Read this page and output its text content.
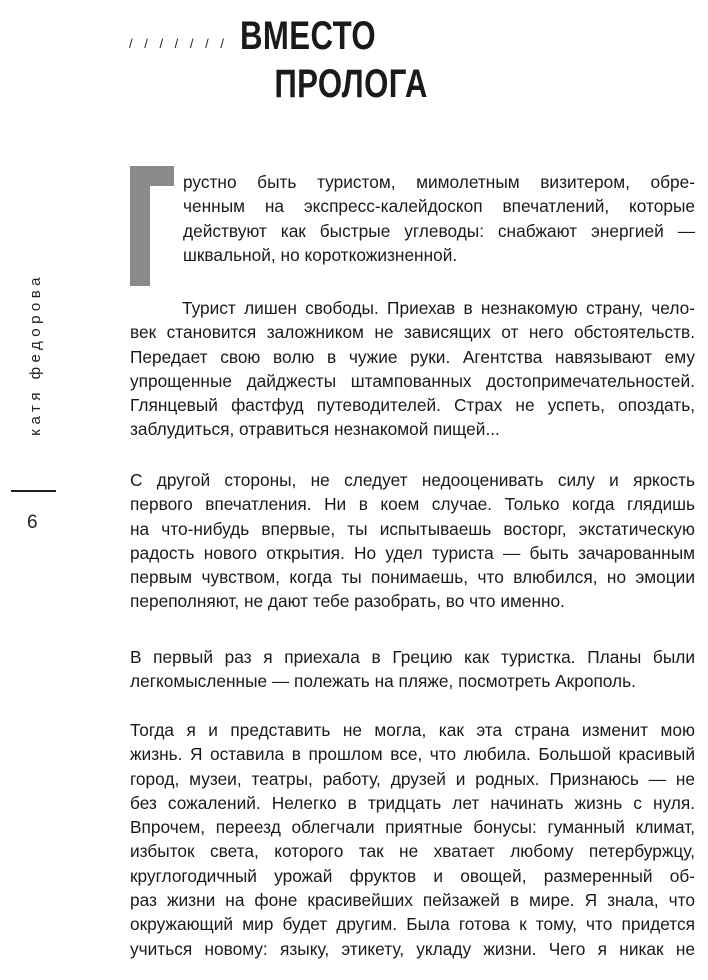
/ / / / / / / ВМЕСТО
ПРОЛОГА
катя федорова
6
рустно быть туристом, мимолетным визитером, обре-
ченным на экспресс-калейдоскоп впечатлений, которые
действуют как быстрые углеводы: снабжают энергией —
шквальной, но короткожизненной.
Турист лишен свободы. Приехав в незнакомую страну, чело-
век становится заложником не зависящих от него обстоятельств.
Передает свою волю в чужие руки. Агентства навязывают ему
упрощенные дайджесты штампованных достопримечательностей.
Глянцевый фастфуд путеводителей. Страх не успеть, опоздать,
заблудиться, отравиться незнакомой пищей...
С другой стороны, не следует недооценивать силу и яркость
первого впечатления. Ни в коем случае. Только когда глядишь
на что-нибудь впервые, ты испытываешь восторг, экстатическую
радость нового открытия. Но удел туриста — быть зачарованным
первым чувством, когда ты понимаешь, что влюбился, но эмоции
переполняют, не дают тебе разобрать, во что именно.
В первый раз я приехала в Грецию как туристка. Планы были
легкомысленные — полежать на пляже, посмотреть Акрополь.
Тогда я и представить не могла, как эта страна изменит мою
жизнь. Я оставила в прошлом все, что любила. Большой красивый
город, музеи, театры, работу, друзей и родных. Признаюсь — не
без сожалений. Нелегко в тридцать лет начинать жизнь с нуля.
Впрочем, переезд облегчали приятные бонусы: гуманный климат,
избыток света, которого так не хватает любому петербуржцу,
круглогодичный урожай фруктов и овощей, размеренный об-
раз жизни на фоне красивейших пейзажей в мире. Я знала, что
окружающий мир будет другим. Была готова к тому, что придется
учиться новому: языку, этикету, укладу жизни. Чего я никак не
